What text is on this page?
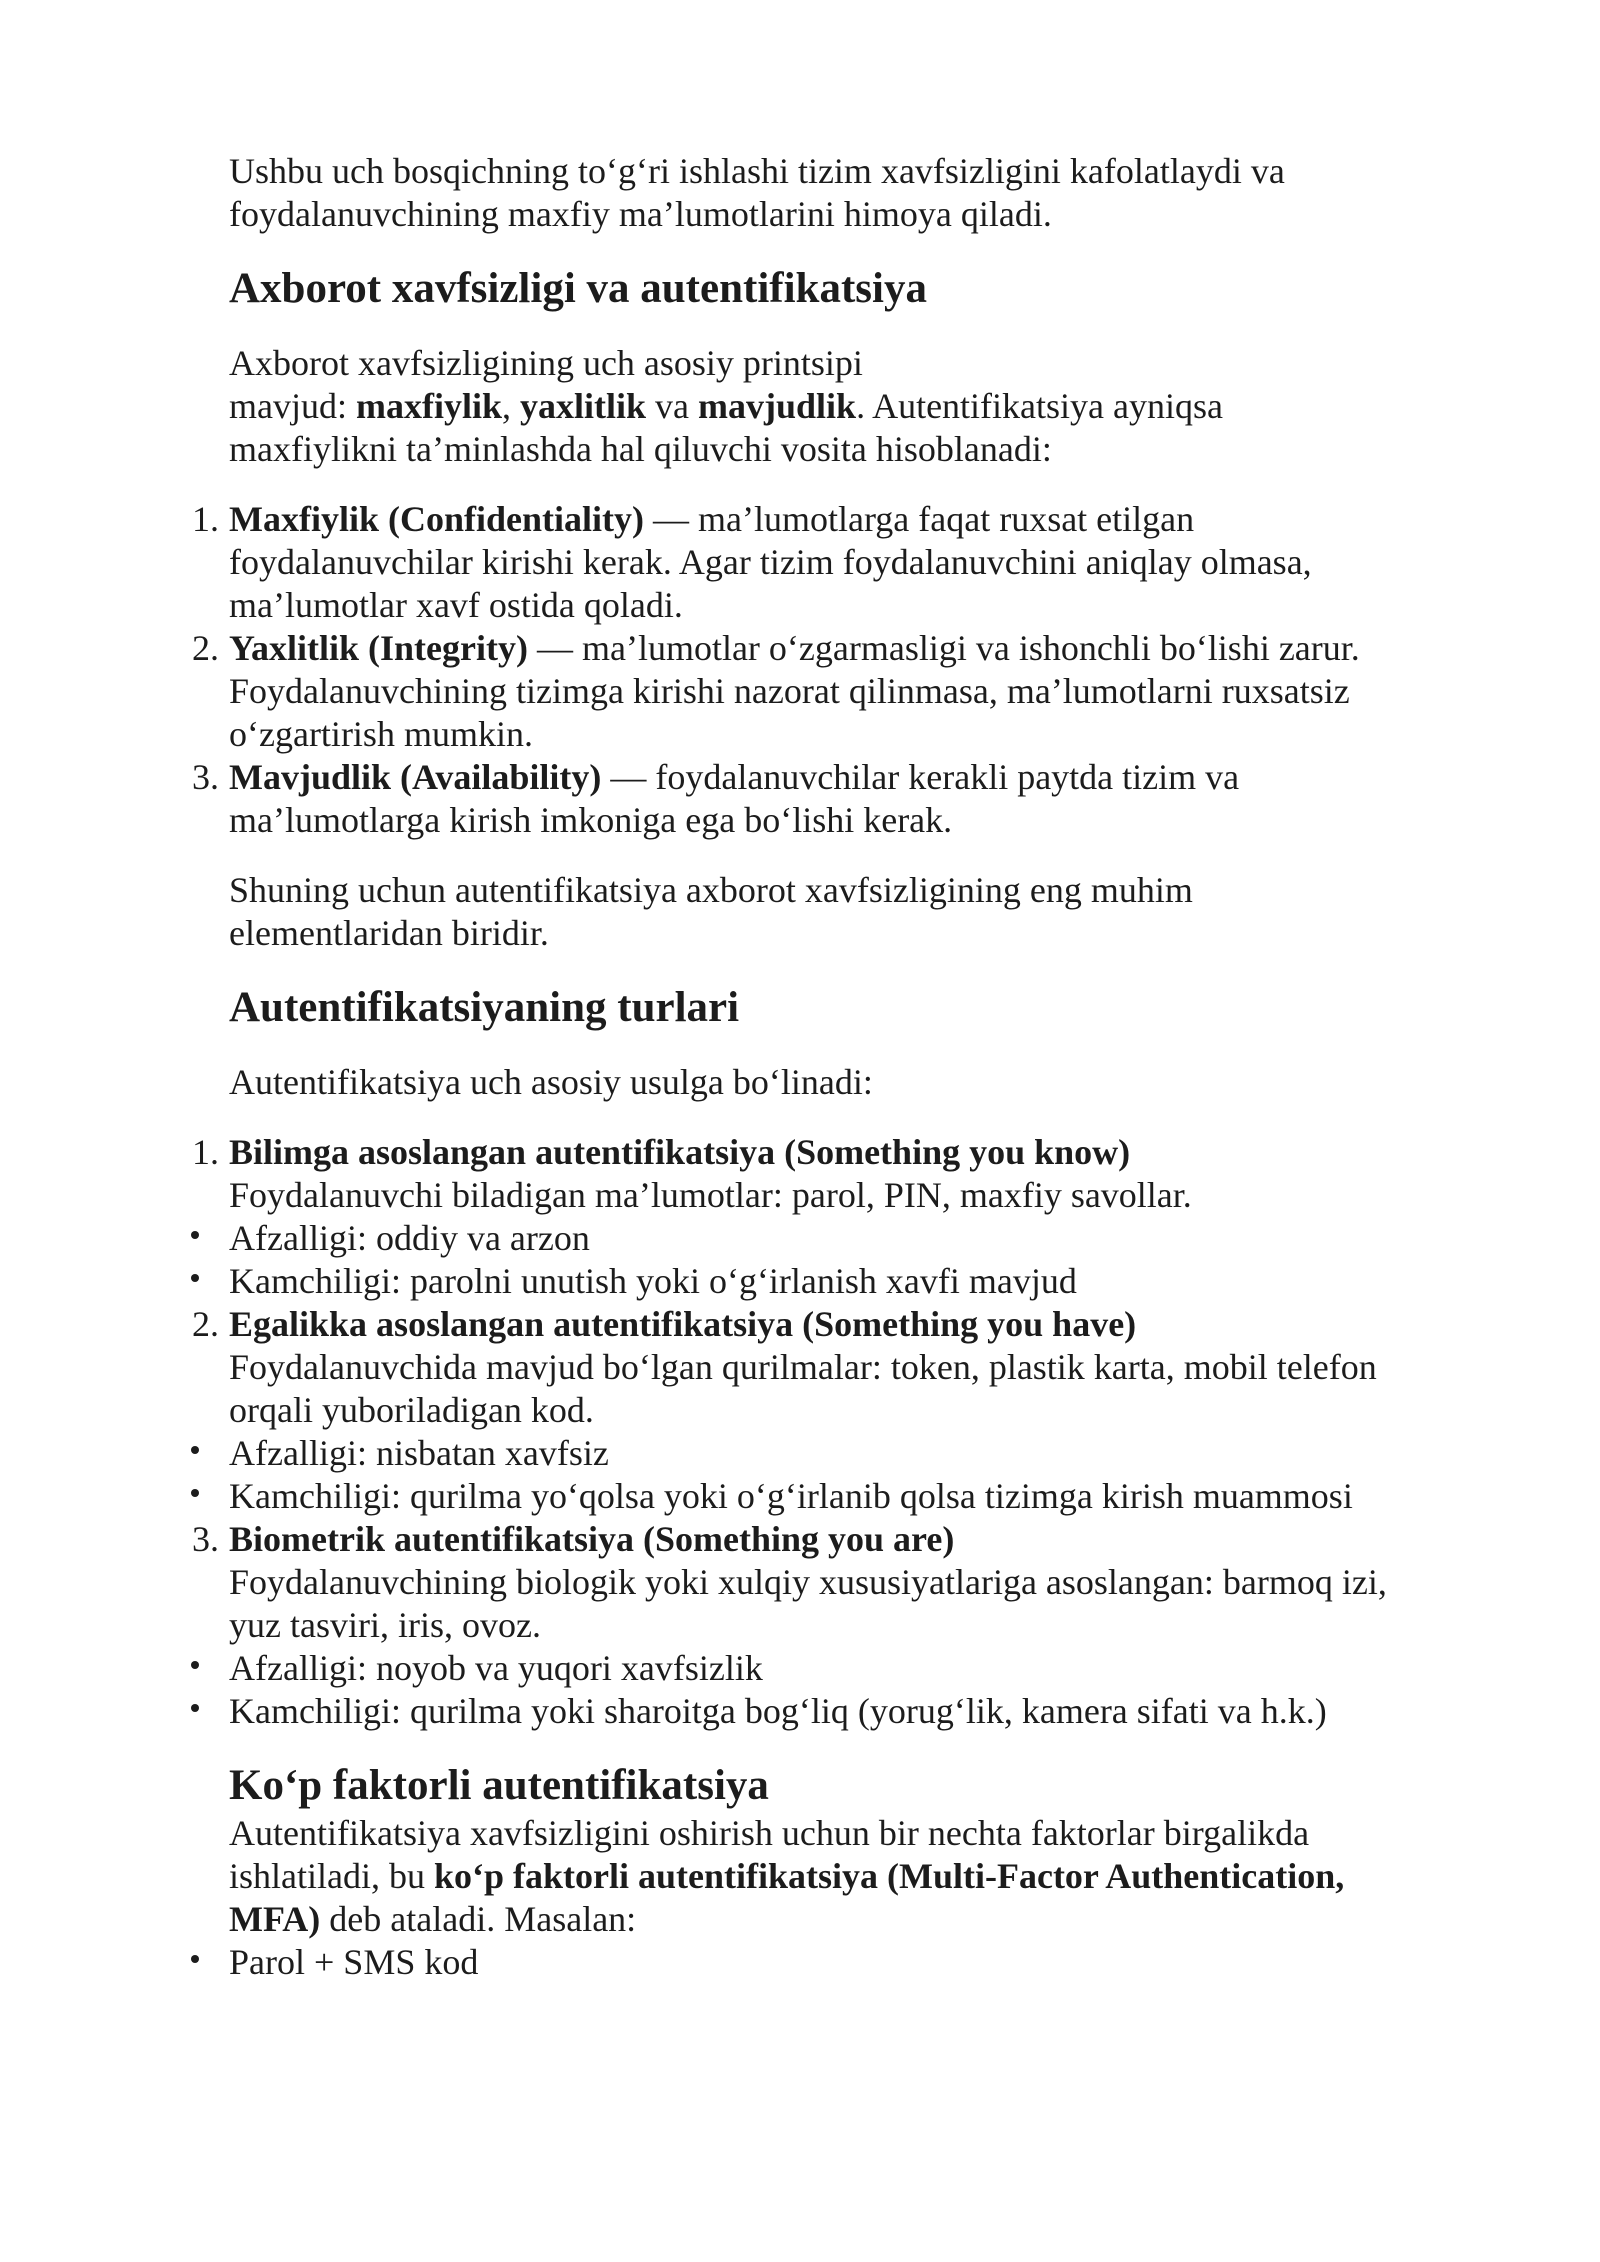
Ushbu uch bosqichning to‘g‘ri ishlashi tizim xavfsizligini kafolatlaydi va
foydalanuvchining maxfiy ma’lumotlarini himoya qiladi.

Axborot xavfsizligi va autentifikatsiya

Axborot xavfsizligining uch asosiy printsipi
mavjud: maxfiylik, yaxlitlik va mavjudlik. Autentifikatsiya ayniqsa
maxfiylikni ta’minlashda hal qiluvchi vosita hisoblanadi:

1. Maxfiylik (Confidentiality) — ma’lumotlarga faqat ruxsat etilgan
foydalanuvchilar kirishi kerak. Agar tizim foydalanuvchini aniqlay olmasa,
ma’lumotlar xavf ostida qoladi.

2. Yaxlitlik (Integrity) — ma’lumotlar o‘zgarmasligi va ishonchli bo‘lishi zarur.
Foydalanuvchining tizimga kirishi nazorat qilinmasa, ma’lumotlarni ruxsatsiz
o‘zgartirish mumkin.

3. Mavjudlik (Availability) — foydalanuvchilar kerakli paytda tizim va
ma’lumotlarga kirish imkoniga ega bo‘lishi kerak.

Shuning uchun autentifikatsiya axborot xavfsizligining eng muhim
elementlaridan biridir.

Autentifikatsiyaning turlari

Autentifikatsiya uch asosiy usulga bo‘linadi:

1. Bilimga asoslangan autentifikatsiya (Something you know)
Foydalanuvchi biladigan ma’lumotlar: parol, PIN, maxfiy savollar.

Afzalligi: oddiy va arzon

Kamchiligi: parolni unutish yoki o‘g‘irlanish xavfi mavjud

2. Egalikka asoslangan autentifikatsiya (Something you have)
Foydalanuvchida mavjud bo‘lgan qurilmalar: token, plastik karta, mobil telefon
orqali yuboriladigan kod.

Afzalligi: nisbatan xavfsiz

Kamchiligi: qurilma yo‘qolsa yoki o‘g‘irlanib qolsa tizimga kirish muammosi

3. Biometrik autentifikatsiya (Something you are)
Foydalanuvchining biologik yoki xulqiy xususiyatlariga asoslangan: barmoq izi,
yuz tasviri, iris, ovoz.

Afzalligi: noyob va yuqori xavfsizlik

Kamchiligi: qurilma yoki sharoitga bog‘liq (yorug‘lik, kamera sifati va h.k.)

Ko‘p faktorli autentifikatsiya

Autentifikatsiya xavfsizligini oshirish uchun bir nechta faktorlar birgalikda
ishlatiladi, bu ko‘p faktorli autentifikatsiya (Multi-Factor Authentication,
MFA) deb ataladi. Masalan:

Parol + SMS kod
